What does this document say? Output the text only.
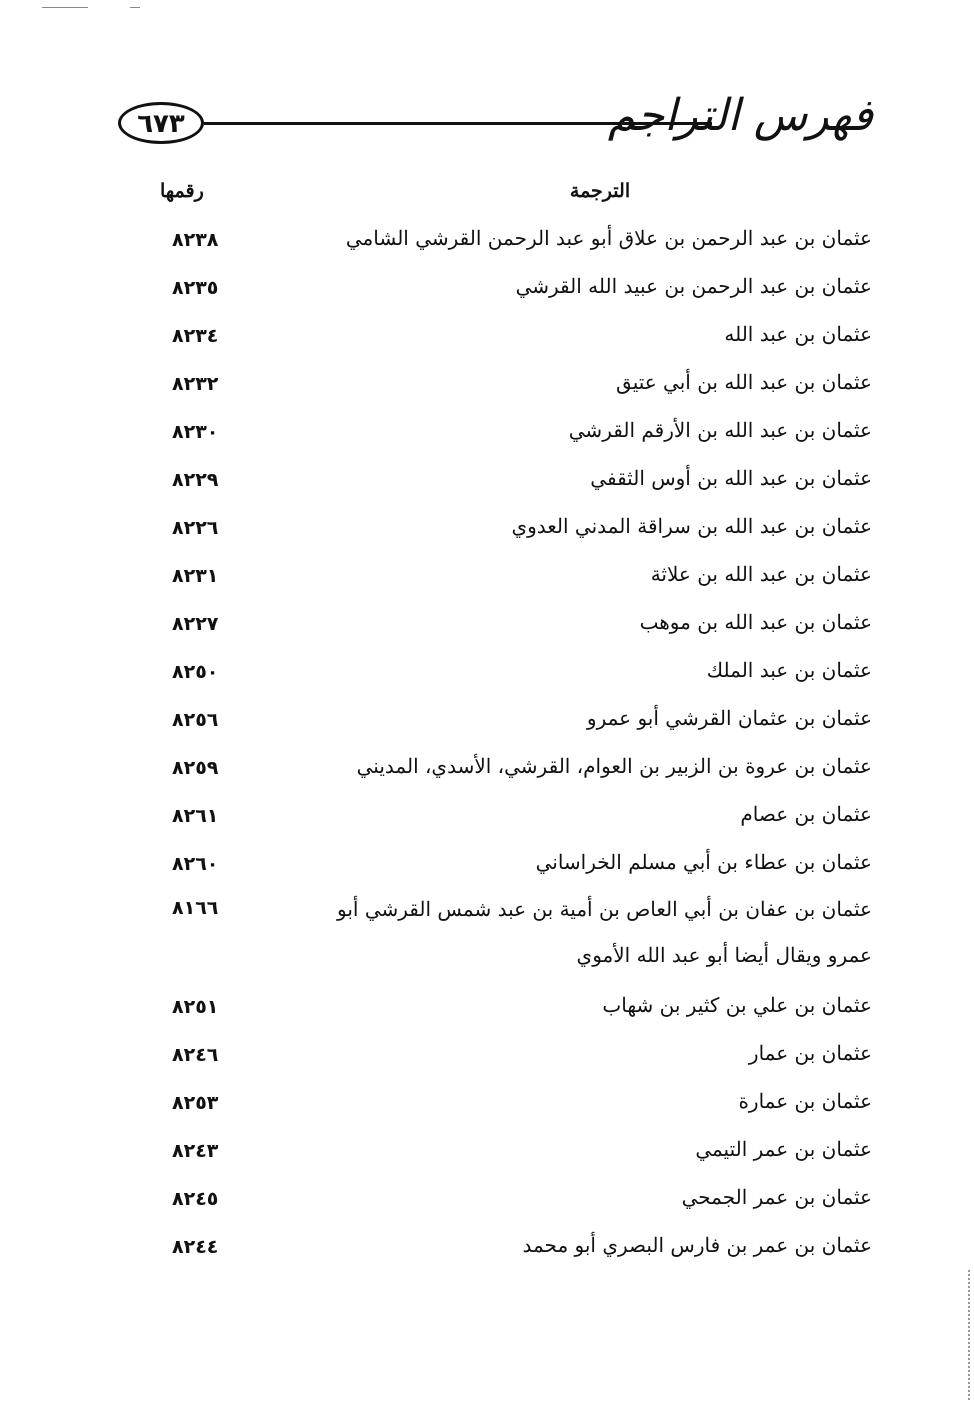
٦٧٣	فهرس التراجم
الترجمة
رقمها
عثمان بن عبد الرحمن بن علاق أبو عبد الرحمن القرشي الشامي
٨٢٣٨
عثمان بن عبد الرحمن بن عبيد الله القرشي
٨٢٣٥
عثمان بن عبد الله
٨٢٣٤
عثمان بن عبد الله بن أبي عتيق
٨٢٣٢
عثمان بن عبد الله بن الأرقم القرشي
٨٢٣٠
عثمان بن عبد الله بن أوس الثقفي
٨٢٢٩
عثمان بن عبد الله بن سراقة المدني العدوي
٨٢٢٦
عثمان بن عبد الله بن علاثة
٨٢٣١
عثمان بن عبد الله بن موهب
٨٢٢٧
عثمان بن عبد الملك
٨٢٥٠
عثمان بن عثمان القرشي أبو عمرو
٨٢٥٦
عثمان بن عروة بن الزبير بن العوام، القرشي، الأسدي، المديني
٨٢٥٩
عثمان بن عصام
٨٢٦١
عثمان بن عطاء بن أبي مسلم الخراساني
٨٢٦٠
عثمان بن عفان بن أبي العاص بن أمية بن عبد شمس القرشي أبو عمرو ويقال أيضا أبو عبد الله الأموي
٨١٦٦
عثمان بن علي بن كثير بن شهاب
٨٢٥١
عثمان بن عمار
٨٢٤٦
عثمان بن عمارة
٨٢٥٣
عثمان بن عمر التيمي
٨٢٤٣
عثمان بن عمر الجمحي
٨٢٤٥
عثمان بن عمر بن فارس البصري أبو محمد
٨٢٤٤
